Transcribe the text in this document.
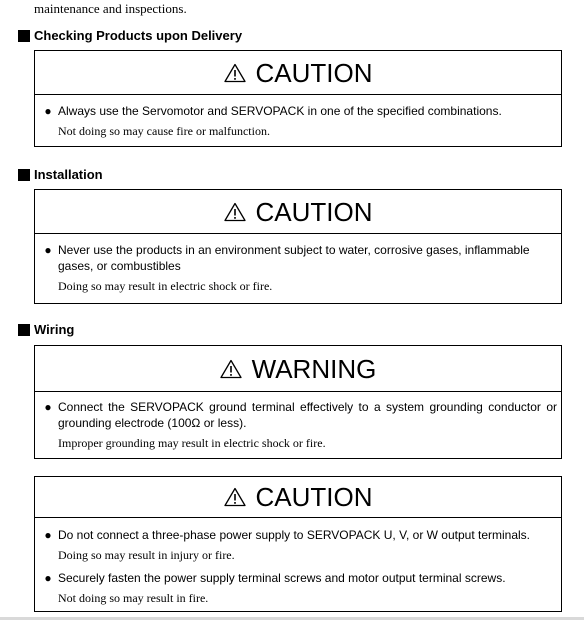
maintenance and inspections.
Checking Products upon Delivery
CAUTION
● Always use the Servomotor and SERVOPACK in one of the specified combinations.
Not doing so may cause fire or malfunction.
Installation
CAUTION
● Never use the products in an environment subject to water, corrosive gases, inflammable gases, or combustibles
Doing so may result in electric shock or fire.
Wiring
WARNING
● Connect the SERVOPACK ground terminal effectively to a system grounding conductor or grounding electrode (100Ω or less).
Improper grounding may result in electric shock or fire.
CAUTION
● Do not connect a three-phase power supply to SERVOPACK U, V, or W output terminals.
Doing so may result in injury or fire.
● Securely fasten the power supply terminal screws and motor output terminal screws.
Not doing so may result in fire.
